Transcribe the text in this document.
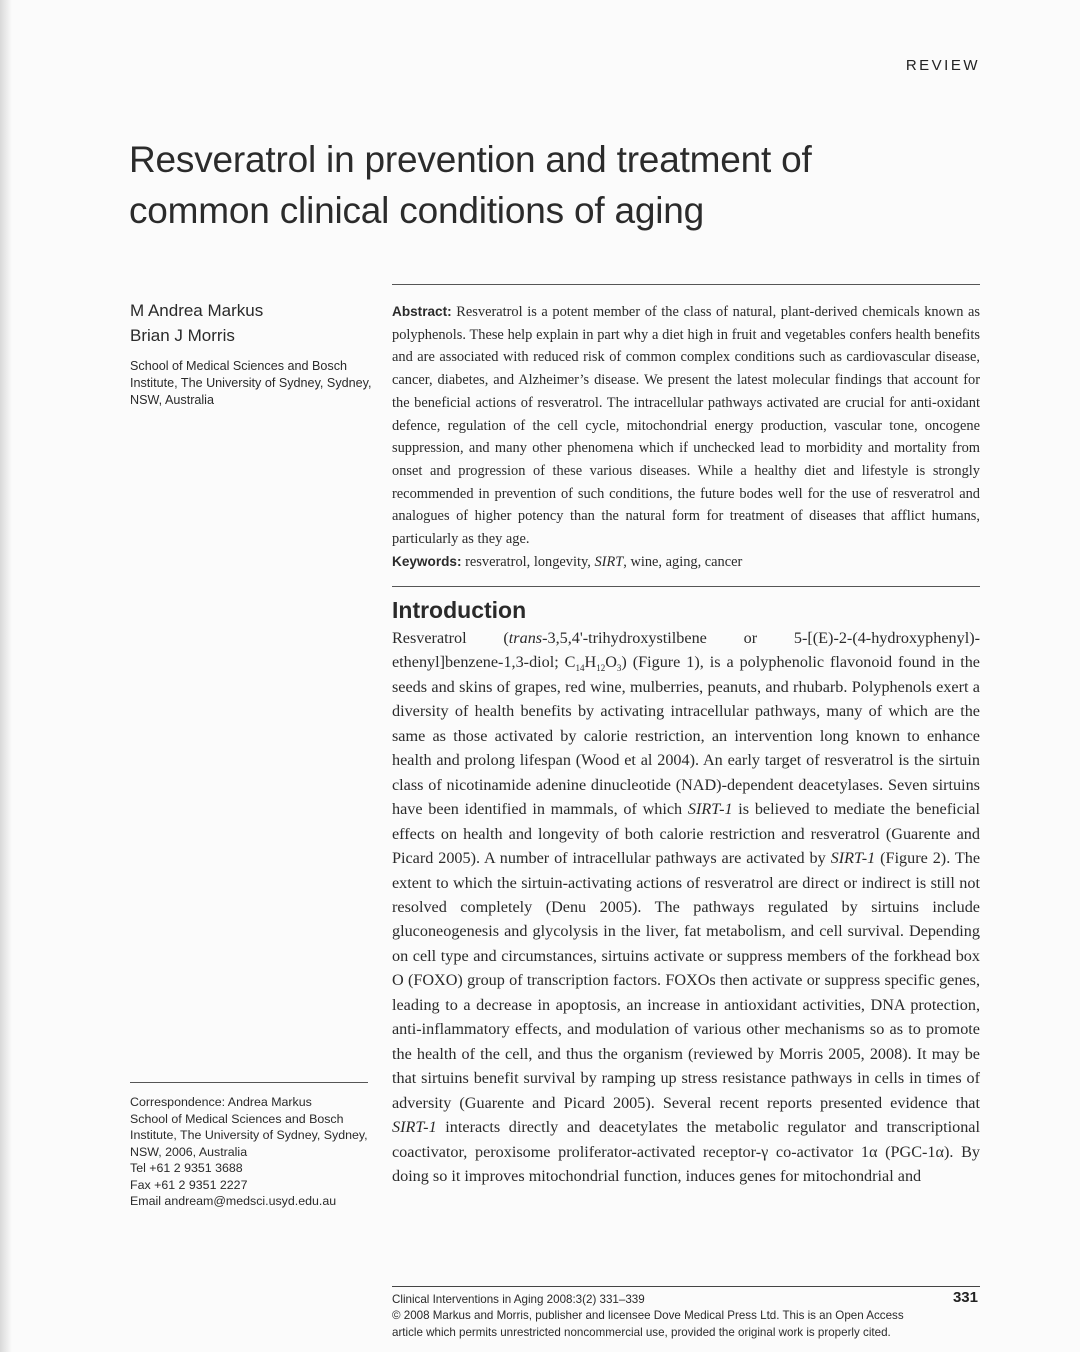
REVIEW
Resveratrol in prevention and treatment of common clinical conditions of aging
M Andrea Markus
Brian J Morris
School of Medical Sciences and Bosch Institute, The University of Sydney, Sydney, NSW, Australia

Abstract: Resveratrol is a potent member of the class of natural, plant-derived chemicals known as polyphenols. These help explain in part why a diet high in fruit and vegetables confers health benefits and are associated with reduced risk of common complex conditions such as cardiovascular disease, cancer, diabetes, and Alzheimer’s disease. We present the latest molecular findings that account for the beneficial actions of resveratrol. The intracellular pathways activated are crucial for anti-oxidant defence, regulation of the cell cycle, mitochondrial energy production, vascular tone, oncogene suppression, and many other phenomena which if unchecked lead to morbidity and mortality from onset and progression of these various diseases. While a healthy diet and lifestyle is strongly recommended in prevention of such conditions, the future bodes well for the use of resveratrol and analogues of higher potency than the natural form for treatment of diseases that afflict humans, particularly as they age.

Keywords: resveratrol, longevity, SIRT, wine, aging, cancer

Introduction

Resveratrol (trans-3,5,4'-trihydroxystilbene or 5-[(E)-2-(4-hydroxyphenyl)-ethenyl]benzene-1,3-diol; $C_{14}H_{12}O_3$) (Figure 1), is a polyphenolic flavonoid found in the seeds and skins of grapes, red wine, mulberries, peanuts, and rhubarb. Polyphenols exert a diversity of health benefits by activating intracellular pathways, many of which are the same as those activated by calorie restriction, an intervention long known to enhance health and prolong lifespan (Wood et al 2004). An early target of resveratrol is the sirtuin class of nicotinamide adenine dinucleotide (NAD)-dependent deacetylases. Seven sirtuins have been identified in mammals, of which SIRT-1 is believed to mediate the beneficial effects on health and longevity of both calorie restriction and resveratrol (Guarente and Picard 2005). A number of intracellular pathways are activated by SIRT-1 (Figure 2). The extent to which the sirtuin-activating actions of resveratrol are direct or indirect is still not resolved completely (Denu 2005). The pathways regulated by sirtuins include gluconeogenesis and glycolysis in the liver, fat metabolism, and cell survival. Depending on cell type and circumstances, sirtuins activate or suppress members of the forkhead box O (FOXO) group of transcription factors. FOXOs then activate or suppress specific genes, leading to a decrease in apoptosis, an increase in antioxidant activities, DNA protection, anti-inflammatory effects, and modulation of various other mechanisms so as to promote the health of the cell, and thus the organism (reviewed by Morris 2005, 2008). It may be that sirtuins benefit survival by ramping up stress resistance pathways in cells in times of adversity (Guarente and Picard 2005). Several recent reports presented evidence that SIRT-1 interacts directly and deacetylates the metabolic regulator and transcriptional coactivator, peroxisome proliferator-activated receptor-γ co-activator 1α (PGC-1α). By doing so it improves mitochondrial function, induces genes for mitochondrial and

Correspondence: Andrea Markus
School of Medical Sciences and Bosch
Institute, The University of Sydney, Sydney,
NSW, 2006, Australia
Tel +61 2 9351 3688
Fax +61 2 9351 2227
Email andream@medsci.usyd.edu.au
Clinical Interventions in Aging 2008:3(2) 331–339
© 2008 Markus and Morris, publisher and licensee Dove Medical Press Ltd. This is an Open Access
article which permits unrestricted noncommercial use, provided the original work is properly cited.
331
